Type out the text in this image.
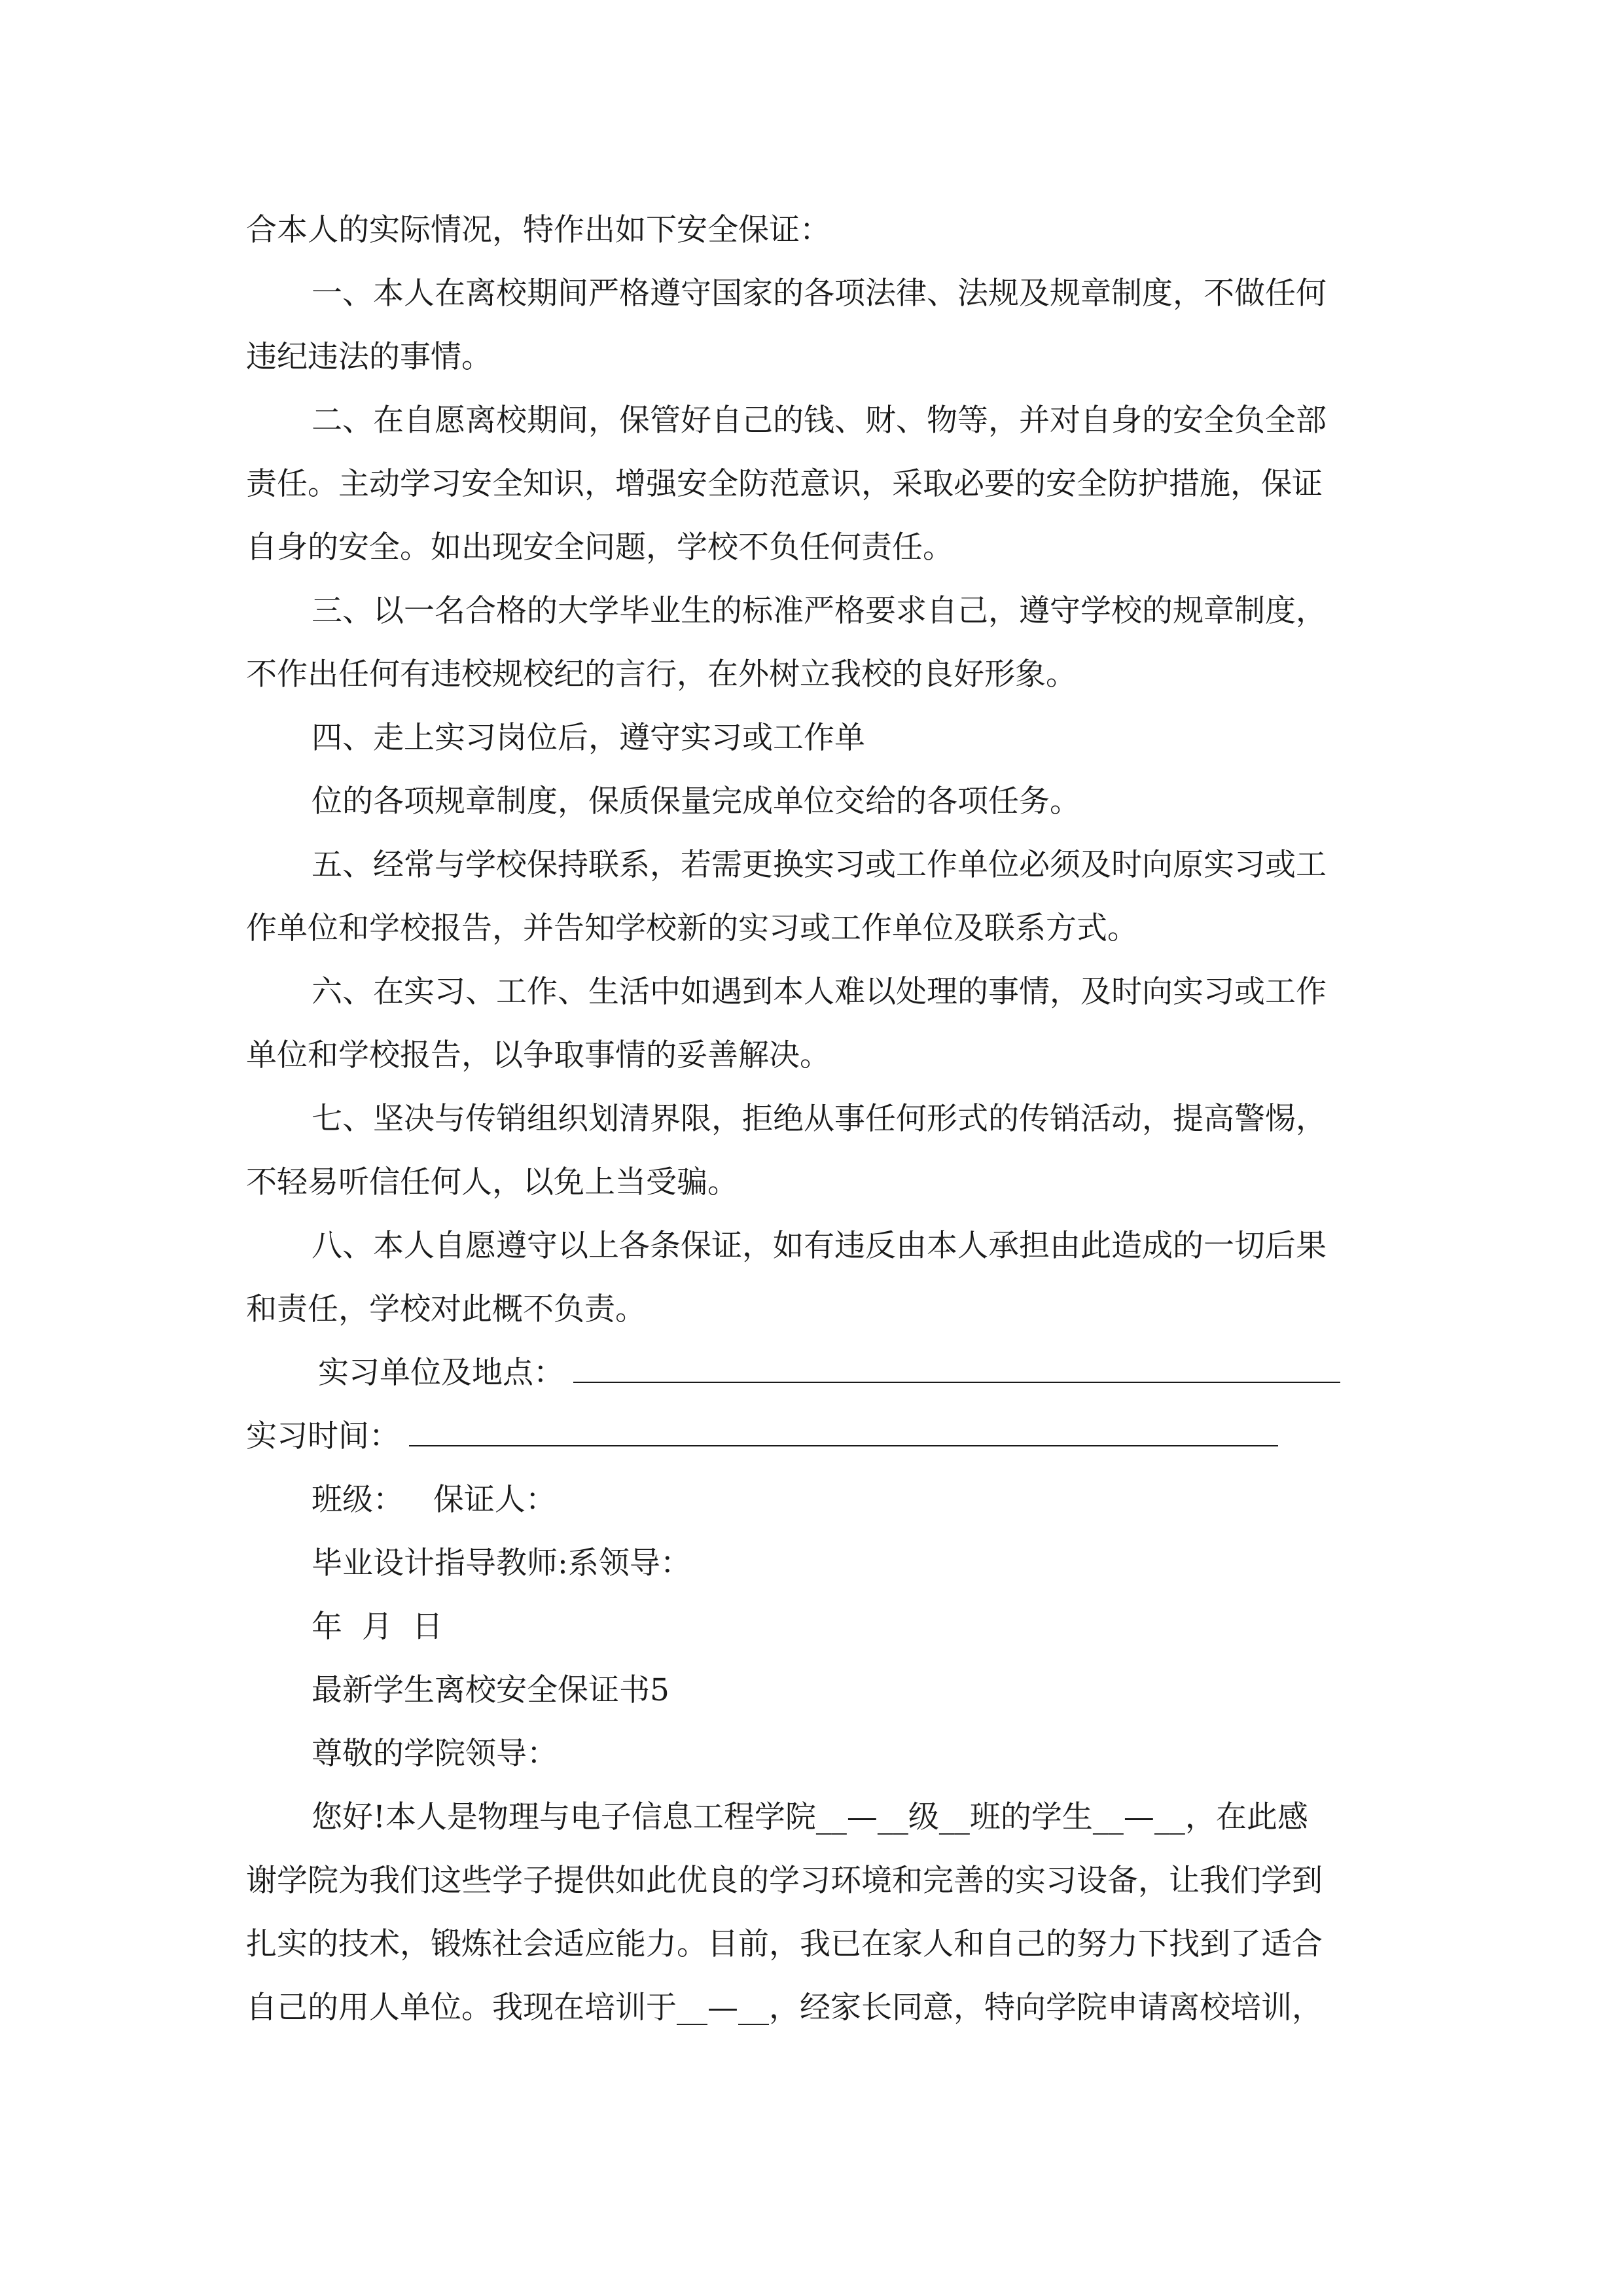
合本人的实际情况，特作出如下安全保证：
一、本人在离校期间严格遵守国家的各项法律、法规及规章制度，不做任何
违纪违法的事情。
二、在自愿离校期间，保管好自己的钱、财、物等，并对自身的安全负全部
责任。主动学习安全知识，增强安全防范意识，采取必要的安全防护措施，保证
自身的安全。如出现安全问题，学校不负任何责任。
三、以一名合格的大学毕业生的标准严格要求自己，遵守学校的规章制度，
不作出任何有违校规校纪的言行，在外树立我校的良好形象。
四、走上实习岗位后，遵守实习或工作单
位的各项规章制度，保质保量完成单位交给的各项任务。
五、经常与学校保持联系，若需更换实习或工作单位必须及时向原实习或工
作单位和学校报告，并告知学校新的实习或工作单位及联系方式。
六、在实习、工作、生活中如遇到本人难以处理的事情，及时向实习或工作
单位和学校报告，以争取事情的妥善解决。
七、坚决与传销组织划清界限，拒绝从事任何形式的传销活动，提高警惕，
不轻易听信任何人，以免上当受骗。
八、本人自愿遵守以上各条保证，如有违反由本人承担由此造成的一切后果
和责任，学校对此概不负责。
实习单位及地点：
实习时间：
班级：   保证人：
毕业设计指导教师:系领导：
年  月  日
最新学生离校安全保证书5
尊敬的学院领导：
您好!本人是物理与电子信息工程学院__—__级__班的学生__—__，在此感
谢学院为我们这些学子提供如此优良的学习环境和完善的实习设备，让我们学到
扎实的技术，锻炼社会适应能力。目前，我已在家人和自己的努力下找到了适合
自己的用人单位。我现在培训于__—__，经家长同意，特向学院申请离校培训，
